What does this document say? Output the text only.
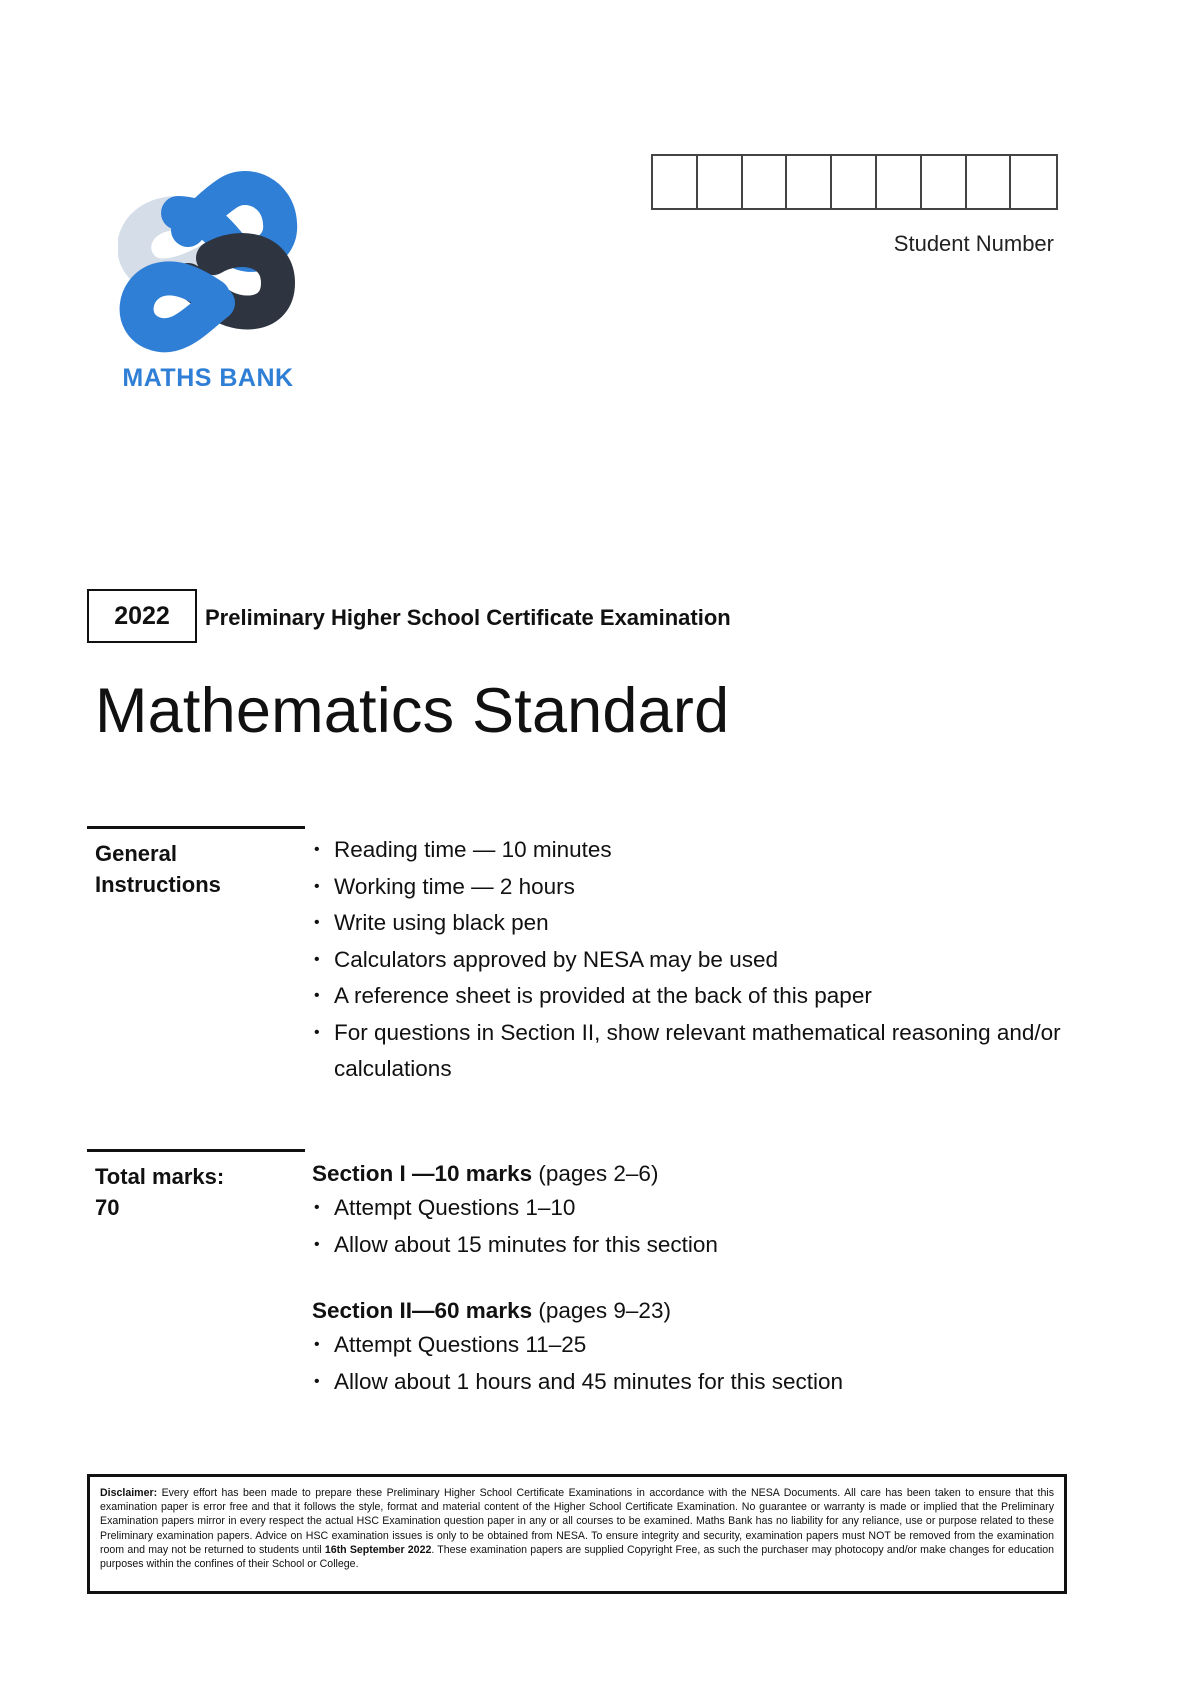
MATHS BANK
Student Number
2022	Preliminary Higher School Certificate Examination
Mathematics Standard
General
Instructions
• Reading time — 10 minutes
• Working time — 2 hours
• Write using black pen
• Calculators approved by NESA may be used
• A reference sheet is provided at the back of this paper
• For questions in Section II, show relevant mathematical reasoning and/or calculations
Total marks:
70
Section I —10 marks (pages 2–6)
• Attempt Questions 1–10
• Allow about 15 minutes for this section
Section II—60 marks (pages 9–23)
• Attempt Questions 11–25
• Allow about 1 hours and 45 minutes for this section
Disclaimer: Every effort has been made to prepare these Preliminary Higher School Certificate Examinations in accordance with the NESA Documents. All care has been taken to ensure that this examination paper is error free and that it follows the style, format and material content of the Higher School Certificate Examination. No guarantee or warranty is made or implied that the Preliminary Examination papers mirror in every respect the actual HSC Examination question paper in any or all courses to be examined. Maths Bank has no liability for any reliance, use or purpose related to these Preliminary examination papers. Advice on HSC examination issues is only to be obtained from NESA. To ensure integrity and security, examination papers must NOT be removed from the examination room and may not be returned to students until 16th September 2022. These examination papers are supplied Copyright Free, as such the purchaser may photocopy and/or make changes for education purposes within the confines of their School or College.
